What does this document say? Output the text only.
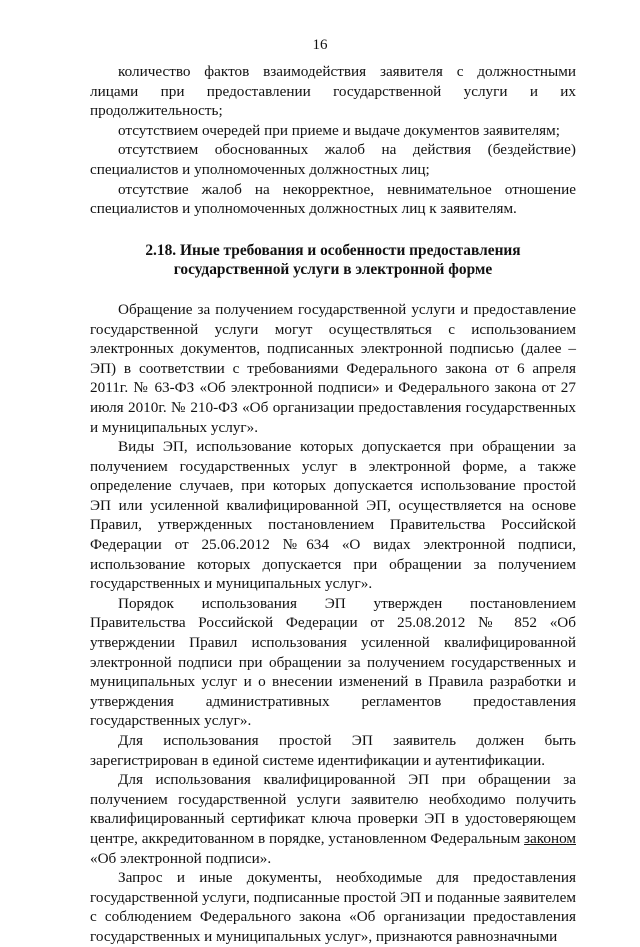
16

количество фактов взаимодействия заявителя с должностными лицами при предоставлении государственной услуги и их продолжительность;

отсутствием очередей при приеме и выдаче документов заявителям;

отсутствием обоснованных жалоб на действия (бездействие) специалистов и уполномоченных должностных лиц;

отсутствие жалоб на некорректное, невнимательное отношение специалистов и уполномоченных должностных лиц к заявителям.

2.18. Иные требования и особенности предоставления государственной услуги в электронной форме

Обращение за получением государственной услуги и предоставление государственной услуги могут осуществляться с использованием электронных документов, подписанных электронной подписью (далее – ЭП) в соответствии с требованиями Федерального закона от 6 апреля 2011г. № 63-ФЗ «Об электронной подписи» и Федерального закона от 27 июля 2010г. № 210-ФЗ «Об организации предоставления государственных и муниципальных услуг».

Виды ЭП, использование которых допускается при обращении за получением государственных услуг в электронной форме, а также определение случаев, при которых допускается использование простой ЭП или усиленной квалифицированной ЭП, осуществляется на основе Правил, утвержденных постановлением Правительства Российской Федерации от 25.06.2012 №634 «О видах электронной подписи, использование которых допускается при обращении за получением государственных и муниципальных услуг».

Порядок использования ЭП утвержден постановлением Правительства Российской Федерации от 25.08.2012 № 852 «Об утверждении Правил использования усиленной квалифицированной электронной подписи при обращении за получением государственных и муниципальных услуг и о внесении изменений в Правила разработки и утверждения административных регламентов предоставления государственных услуг».

Для использования простой ЭП заявитель должен быть зарегистрирован в единой системе идентификации и аутентификации.

Для использования квалифицированной ЭП при обращении за получением государственной услуги заявителю необходимо получить квалифицированный сертификат ключа проверки ЭП в удостоверяющем центре, аккредитованном в порядке, установленном Федеральным законом «Об электронной подписи».

Запрос и иные документы, необходимые для предоставления государственной услуги, подписанные простой ЭП и поданные заявителем с соблюдением Федерального закона «Об организации предоставления государственных и муниципальных услуг», признаются равнозначными
